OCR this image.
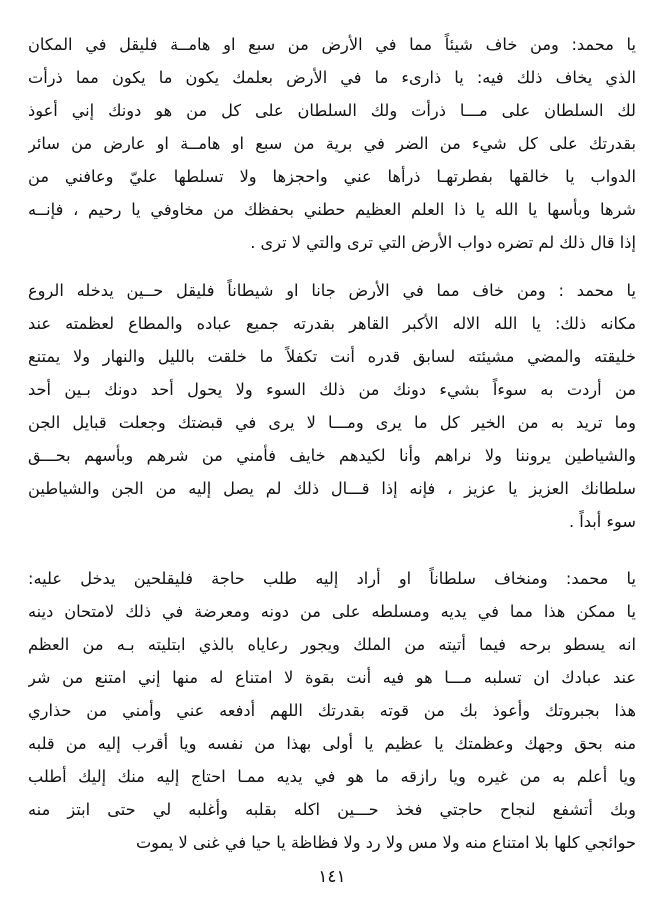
يا محمد: ومن خاف شيئاً مما في الأرض من سبع او هامــة فليقل في المكان
الذي يخاف ذلك فيه: يا ذارىء ما في الأرض بعلمك يكون ما يكون مما ذرأت
لك السلطان على مـــا ذرأت ولك السلطان على كل من هو دونك إني أعوذ
بقدرتك على كل شيء من الضر في برية من سبع او هامــة او عارض من سائر
الدواب يا خالقها بفطرتهـا ذرأها عني واحجزها ولا تسلطها عليّ وعافني من
شرها وبأسها يا الله يا ذا العلم العظيم حطني بحفظك من مخاوفي يا رحيم ، فإنــه
إذا قال ذلك لم تضره دواب الأرض التي ترى والتي لا ترى .
يا محمد : ومن خاف مما في الأرض جانا او شيطاناً فليقل حــين يدخله الروع
مكانه ذلك: يا الله الاله الأكبر القاهر بقدرته جميع عباده والمطاع لعظمته عند
خليقته والمضي مشيئته لسابق قدره أنت تكفلاً ما خلقت بالليل والنهار ولا يمتنع
من أردت به سوءاً بشيء دونك من ذلك السوء ولا يحول أحد دونك بـين أحد
وما تريد به من الخير كل ما يرى ومـــا لا يرى في قبضتك وجعلت قبايل الجن
والشياطين يروننا ولا نراهم وأنا لكيدهم خايف فأمني من شرهم وبأسهم بحـــق
سلطانك العزيز يا عزيز ، فإنه إذا قـــال ذلك لم يصل إليه من الجن والشياطين
سوء أبداً .
يا محمد: ومنخاف سلطاناً او أراد إليه طلب حاجة فليقلحين يدخل عليه:
يا ممكن هذا مما في يديه ومسلطه على من دونه ومعرضة في ذلك لامتحان دينه
انه يسطو برحه فيما أتيته من الملك ويجور رعاياه بالذي ابتليته بـه من العظم
عند عبادك ان تسلبه مـــا هو فيه أنت بقوة لا امتناع له منها إني امتنع من شر
هذا بجبروتك وأعوذ بك من قوته بقدرتك اللهم أدفعه عني وأمني من حذاري
منه بحق وجهك وعظمتك يا عظيم يا أولى بهذا من نفسه ويا أقرب إليه من قلبه
ويا أعلم به من غيره ويا رازقه ما هو في يديه ممـا احتاج إليه منك إليك أطلب
وبك أتشفع لنجاح حاجتي فخذ حـــين اكله بقلبه وأغلبه لي حتى ابتز منه
حوائجي كلها بلا امتناع منه ولا مس ولا رد ولا فظاظة يا حيا في غنى لا يموت
١٤١
